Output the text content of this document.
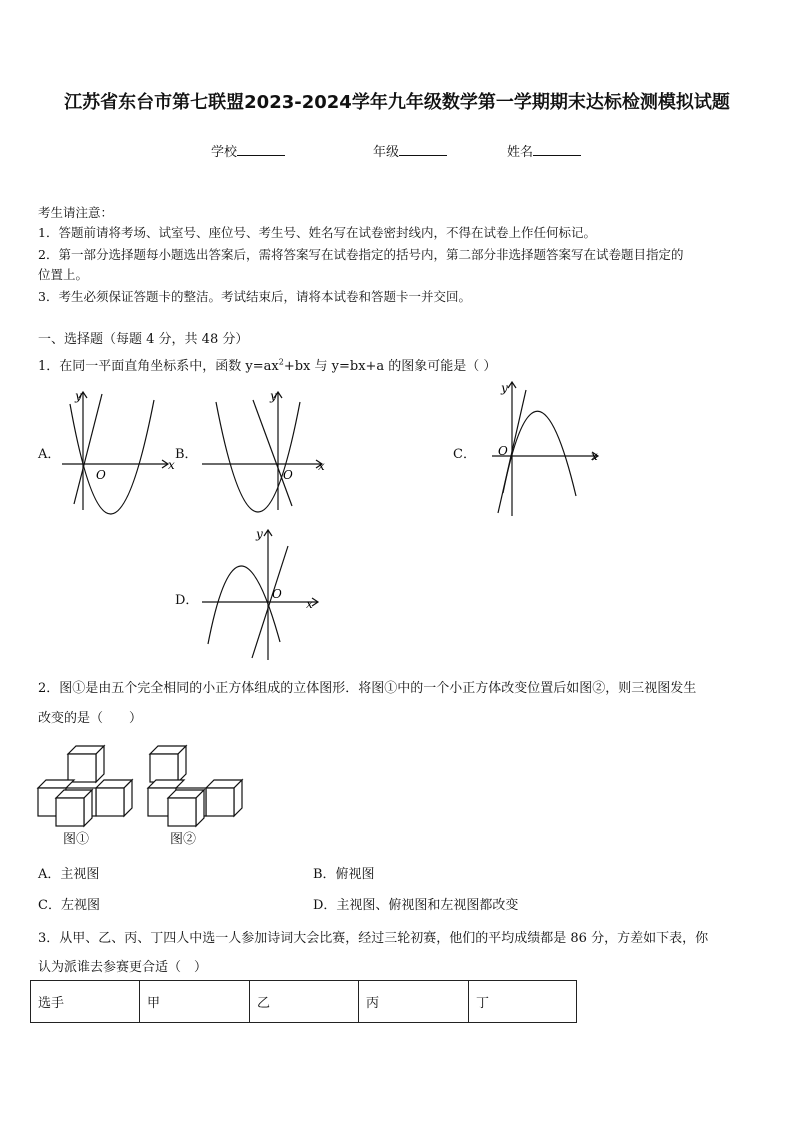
江苏省东台市第七联盟2023-2024学年九年级数学第一学期期末达标检测模拟试题
学校	年级	姓名
考生请注意：
1．答题前请将考场、试室号、座位号、考生号、姓名写在试卷密封线内，不得在试卷上作任何标记。
2．第一部分选择题每小题选出答案后，需将答案写在试卷指定的括号内，第二部分非选择题答案写在试卷题目指定的
位置上。
3．考生必须保证答题卡的整洁。考试结束后，请将本试卷和答题卡一并交回。
一、选择题（每题 4 分，共 48 分）
1．在同一平面直角坐标系中，函数 $y=ax^2+bx$ 与 y=bx+a 的图象可能是（ ）
A．	B．	C．
D．
x
y
O
x
y
O
x
y
O
x
y
O
2．图①是由五个完全相同的小正方体组成的立体图形．将图①中的一个小正方体改变位置后如图②，则三视图发生
改变的是（　　）
图①	图②
A．主视图	B．俯视图
C．左视图	D．主视图、俯视图和左视图都改变
3．从甲、乙、丙、丁四人中选一人参加诗词大会比赛，经过三轮初赛，他们的平均成绩都是 86 分，方差如下表，你
认为派谁去参赛更合适（　）
选手	甲	乙	丙	丁
